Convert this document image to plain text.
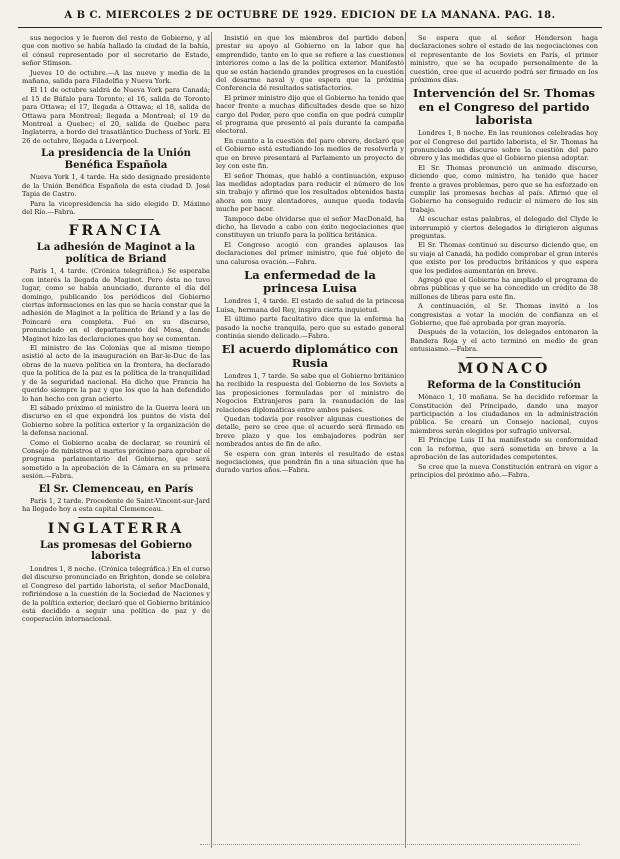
A B C. MIERCOLES 2 DE OCTUBRE DE 1929. EDICION DE LA MAÑANA. PAG. 18.

sus negocios y le fueron del resto de Gobierno, y al que con motivo se había hallado la ciudad de la bahía, el cónsul representado por el secretario de Estado, señor Stimson.

Jueves 10 de octubre.—A las nueve y media de la mañana, salida para Filadelfia y Nueva York.

El 11 de octubre saldrá de Nueva York para Canadá; el 15 de Búfalo para Toronto; el 16, salida de Toronto para Ottawa; el 17, llegada a Ottawa; el 18, salida de Ottawa para Montreal; llegada a Montreal; el 19 de Montreal a Quebec; el 20, salida de Quebec para Inglaterra, a bordo del trasatlántico Duchess of York. El 26 de octubre, llegada a Liverpool.

La presidencia de la Unión Benéfica Española

Nueva York 1, 4 tarde. Ha sido designado presidente de la Unión Benéfica Española de esta ciudad D. José Tapia de Castro.

Para la vicepresidencia ha sido elegido D. Máximo del Río.—Fabra.

FRANCIA
La adhesión de Maginot a la política de Briand

París 1, 4 tarde. (Crónica telegráfica.) Se esperaba con interés la llegada de Maginot. Pero ésta no tuvo lugar, como se había anunciado, durante el día del domingo, publicando los periódicos del Gobierno ciertas informaciones en las que se hacía constar que la adhesión de Maginot a la política de Briand y a las de Poincaré era completa. Fué en su discurso, pronunciado en el departamento del Mosa, donde Maginot hizo las declaraciones que hoy se comentan.

El ministro de las Colonias que al mismo tiempo asistió al acto de la inauguración en Bar-le-Duc de las obras de la nueva política en la frontera, ha declarado que la política de la paz es la política de la tranquilidad y de la seguridad nacional. Ha dicho que Francia ha querido siempre la paz y que los que la han defendido lo han hecho con gran acierto.

El sábado próximo el ministro de la Guerra leerá un discurso en el que expondrá los puntos de vista del Gobierno sobre la política exterior y la organización de la defensa nacional.

Como el Gobierno acaba de declarar, se reunirá el Consejo de ministros el martes próximo para aprobar el programa parlamentario del Gobierno, que será sometido a la aprobación de la Cámara en su primera sesión.—Fabra.

El Sr. Clemenceau, en París

París 1, 2 tarde. Procedente de Saint-Vincent-sur-Jard ha llegado hoy a esta capital Clemenceau.

INGLATERRA
Las promesas del Gobierno laborista

Londres 1, 8 noche. (Crónica telegráfica.) En el curso del discurso pronunciado en Brighton, donde se celebra el Congreso del partido laborista, el señor MacDonald, refiriéndose a la cuestión de la Sociedad de Naciones y de la política exterior, declaró que el Gobierno británico está decidido a seguir una política de paz y de cooperación internacional.

Insistió en que los miembros del partido deben prestar su apoyo al Gobierno en la labor que ha emprendido, tanto en lo que se refiere a las cuestiones interiores como a las de la política exterior. Manifestó que se están haciendo grandes progresos en la cuestión del desarme naval y que espera que la próxima Conferencia dé resultados satisfactorios.

El primer ministro dijo que el Gobierno ha tenido que hacer frente a muchas dificultades desde que se hizo cargo del Poder, pero que confía en que podrá cumplir el programa que presentó al país durante la campaña electoral.

En cuanto a la cuestión del paro obrero, declaró que el Gobierno está estudiando los medios de resolverla y que en breve presentará al Parlamento un proyecto de ley con este fin.

El señor Thomas, que habló a continuación, expuso las medidas adoptadas para reducir el número de los sin trabajo y afirmó que los resultados obtenidos hasta ahora son muy alentadores, aunque queda todavía mucho por hacer.

Tampoco debe olvidarse que el señor MacDonald, ha dicho, ha llevado a cabo con éxito negociaciones que constituyen un triunfo para la política británica.

El Congreso acogió con grandes aplausos las declaraciones del primer ministro, que fué objeto de una calurosa ovación.—Fabra.

La enfermedad de la princesa Luisa

Londres 1, 4 tarde. El estado de salud de la princesa Luisa, hermana del Rey, inspira cierta inquietud.

El último parte facultativo dice que la enferma ha pasado la noche tranquila, pero que su estado general continúa siendo delicado.—Fabra.

El acuerdo diplomático con Rusia

Londres 1, 7 tarde. Se sabe que el Gobierno británico ha recibido la respuesta del Gobierno de los Soviets a las proposiciones formuladas por el ministro de Negocios Extranjeros para la reanudación de las relaciones diplomáticas entre ambos países.

Quedan todavía por resolver algunas cuestiones de detalle, pero se cree que el acuerdo será firmado en breve plazo y que los embajadores podrán ser nombrados antes de fin de año.

Se espera con gran interés el resultado de estas negociaciones, que pondrán fin a una situación que ha durado varios años.—Fabra.

Se espera que el señor Henderson haga declaraciones sobre el estado de las negociaciones con el representante de los Soviets en París, el primer ministro, que se ha ocupado personalmente de la cuestión, cree que el acuerdo podrá ser firmado en los próximos días.

Intervención del Sr. Thomas en el Congreso del partido laborista

Londres 1, 8 noche. En las reuniones celebradas hoy por el Congreso del partido laborista, el Sr. Thomas ha pronunciado un discurso sobre la cuestión del paro obrero y las medidas que el Gobierno piensa adoptar.

El Sr. Thomas pronunció un animado discurso, diciendo que, como ministro, ha tenido que hacer frente a graves problemas, pero que se ha esforzado en cumplir las promesas hechas al país. Afirmó que el Gobierno ha conseguido reducir el número de los sin trabajo.

Al escuchar estas palabras, el delegado del Clyde le interrumpió y ciertos delegados le dirigieron algunas preguntas.

El Sr. Thomas continuó su discurso diciendo que, en su viaje al Canadá, ha podido comprobar el gran interés que existe por los productos británicos y que espera que los pedidos aumentarán en breve.

Agregó que el Gobierno ha ampliado el programa de obras públicas y que se ha concedido un crédito de 38 millones de libras para este fin.

A continuación, el Sr. Thomas invitó a los congresistas a votar la moción de confianza en el Gobierno, que fué aprobada por gran mayoría.

Después de la votación, los delegados entonaron la Bandera Roja y el acto terminó en medio de gran entusiasmo.—Fabra.

MONACO
Reforma de la Constitución

Mónaco 1, 10 mañana. Se ha decidido reformar la Constitución del Principado, dando una mayor participación a los ciudadanos en la administración pública. Se creará un Consejo nacional, cuyos miembros serán elegidos por sufragio universal.

El Príncipe Luis II ha manifestado su conformidad con la reforma, que será sometida en breve a la aprobación de las autoridades competentes.

Se cree que la nueva Constitución entrará en vigor a principios del próximo año.—Fabra.
